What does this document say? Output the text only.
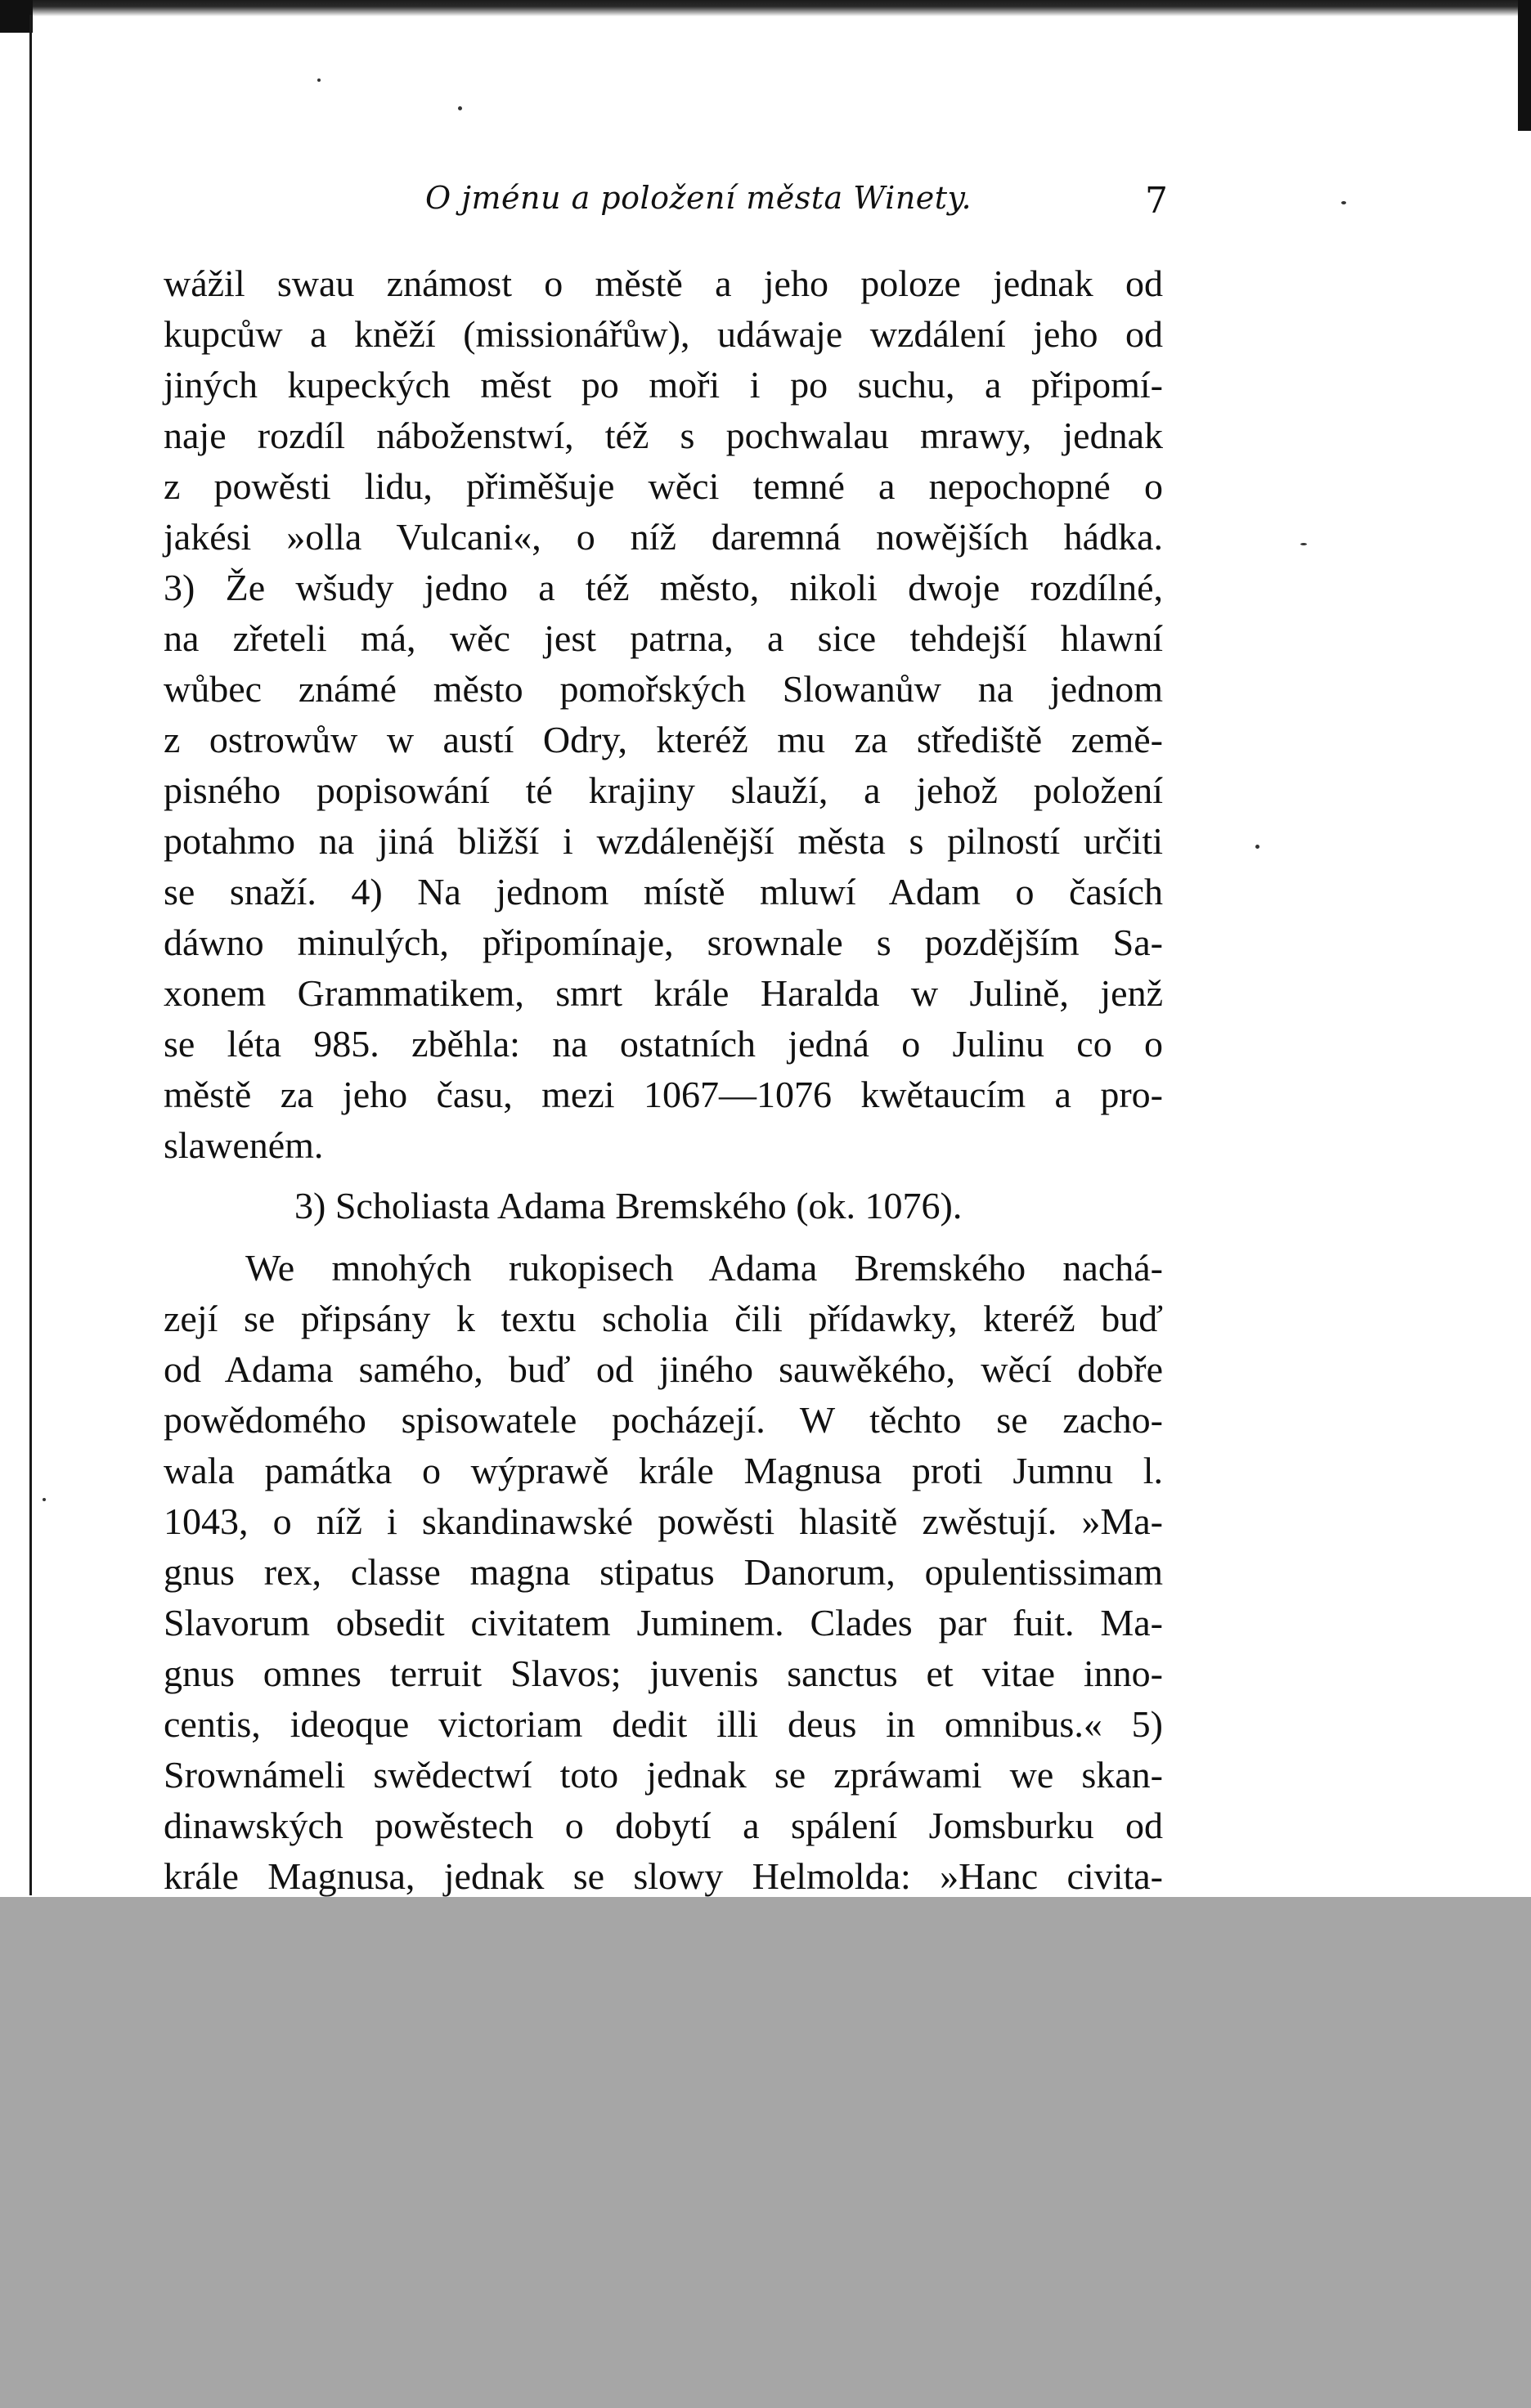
O jménu a položení města Winety.	7
wážil swau známost o městě a jeho poloze jednak od
kupcůw a kněží (missionářůw), udáwaje wzdálení jeho od
jiných kupeckých měst po moři i po suchu, a připomí-
naje rozdíl náboženstwí, též s pochwalau mrawy, jednak
z powěsti lidu, přiměšuje wěci temné a nepochopné o
jakési »olla Vulcani«, o níž daremná nowějších hádka.
3) Že wšudy jedno a též město, nikoli dwoje rozdílné,
na zřeteli má, wěc jest patrna, a sice tehdejší hlawní
wůbec známé město pomořských Slowanůw na jednom
z ostrowůw w austí Odry, kteréž mu za střediště země-
pisného popisowání té krajiny slauží, a jehož položení
potahmo na jiná bližší i wzdálenější města s pilností určiti
se snaží. 4) Na jednom místě mluwí Adam o časích
dáwno minulých, připomínaje, srownale s pozdějším Sa-
xonem Grammatikem, smrt krále Haralda w Julině, jenž
se léta 985. zběhla: na ostatních jedná o Julinu co o
městě za jeho času, mezi 1067—1076 kwětaucím a pro-
slaweném.
3) Scholiasta Adama Bremského (ok. 1076).
We mnohých rukopisech Adama Bremského nachá-
zejí se připsány k textu scholia čili přídawky, kteréž buď
od Adama samého, buď od jiného sauwěkého, wěcí dobře
powědomého spisowatele pocházejí. W těchto se zacho-
wala památka o wýprawě krále Magnusa proti Jumnu l.
1043, o níž i skandinawské powěsti hlasitě zwěstují. »Ma-
gnus rex, classe magna stipatus Danorum, opulentissimam
Slavorum obsedit civitatem Juminem. Clades par fuit. Ma-
gnus omnes terruit Slavos; juvenis sanctus et vitae inno-
centis, ideoque victoriam dedit illi deus in omnibus.« 5)
Srownámeli swědectwí toto jednak se zpráwami we skan-
dinawských powěstech o dobytí a spálení Jomsburku od
krále Magnusa, jednak se slowy Helmolda: »Hanc civita-
